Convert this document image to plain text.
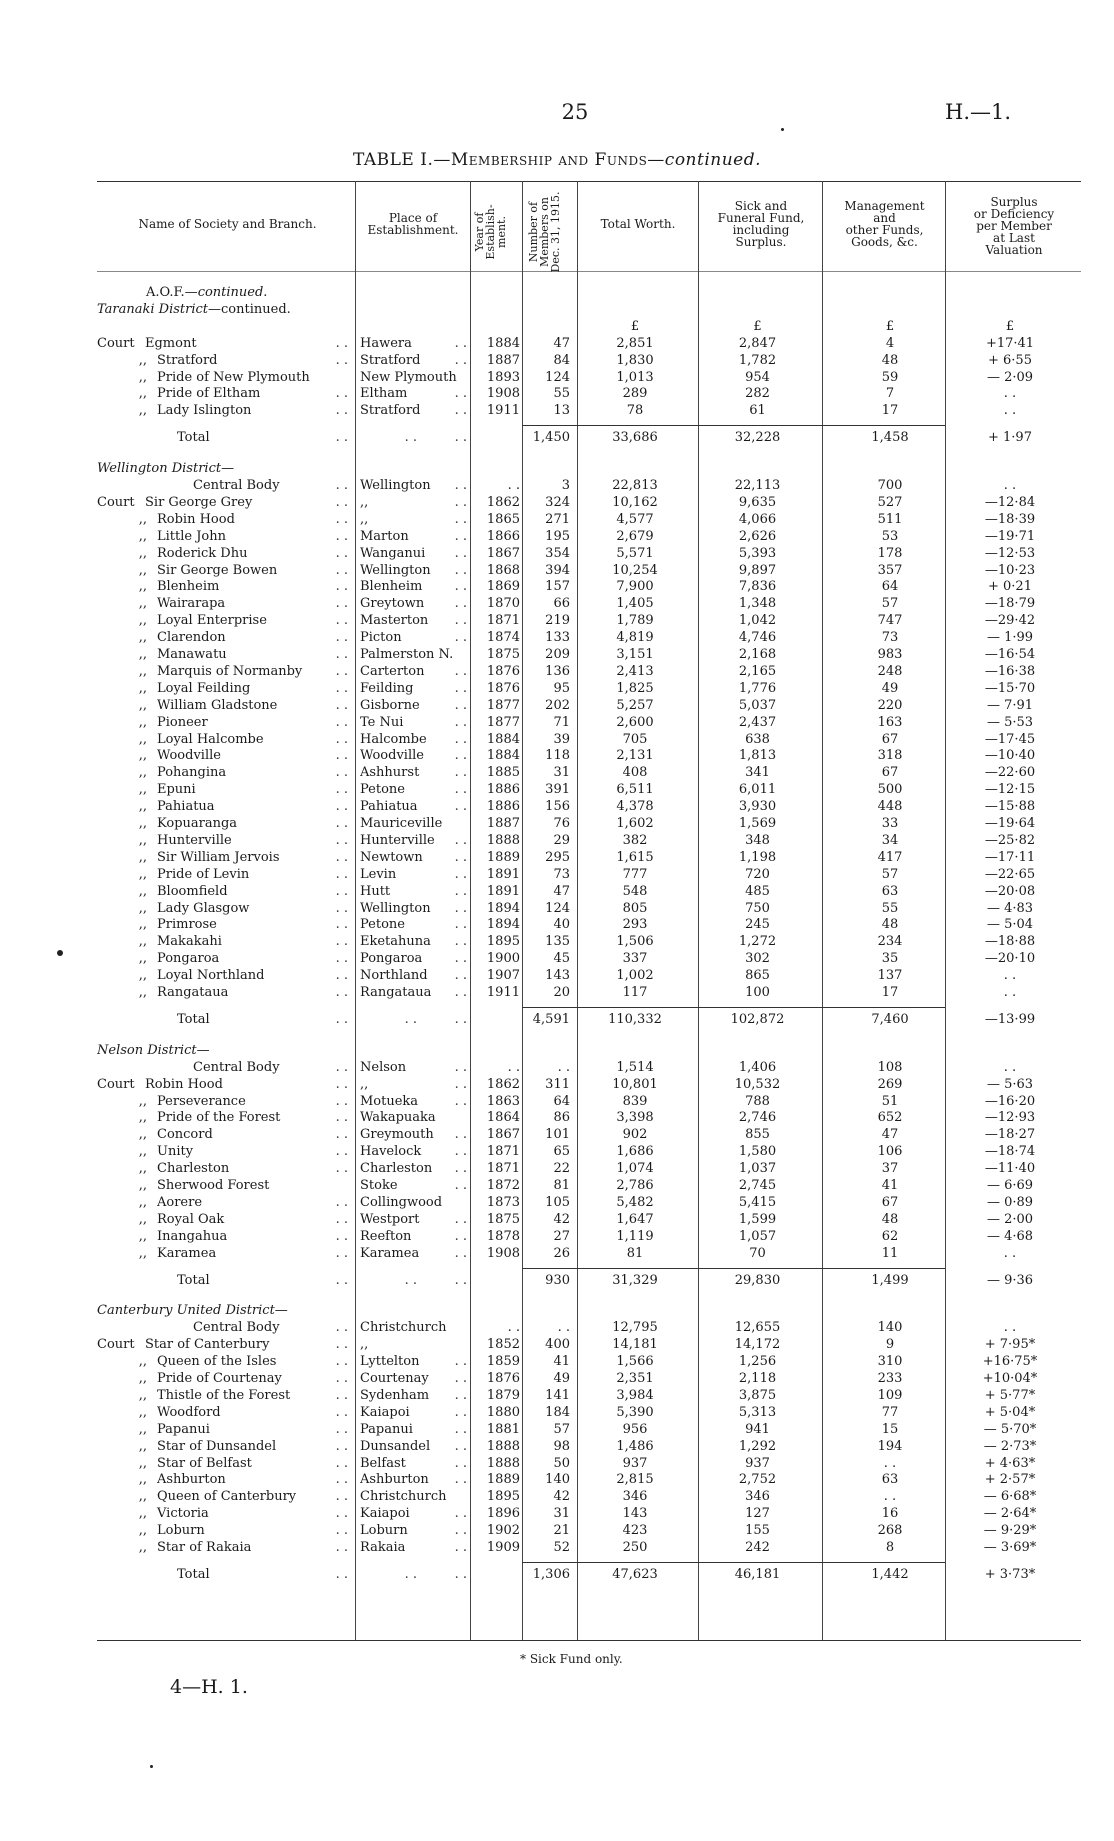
25	H.—1.
TABLE I.—Membership and Funds—continued.
Name of Society and Branch.	Place of
Establishment.	Year of
Establish-
ment. Number of
Members on
Dec. 31, 1915.	Total Worth.
Sick and
Funeral Fund,
including
Surplus.
Management
and
other Funds,
Goods, &c.
Surplus
or Deficiency
per Member
at Last
Valuation
A.O.F.—continued.
Taranaki District—continued.
£	£	£	£
Court Egmont	. . Hawera	. .	1884	47	2,851	2,847	4	+17·41
,, Stratford	. . Stratford	. .	1887	84	1,830	1,782	48	+ 6·55
,, Pride of New Plymouth	New Plymouth	1893	124	1,013	954	59	— 2·09
,, Pride of Eltham	. . Eltham	. .	1908	55	289	282	7	. .
,, Lady Islington	. . Stratford	. .	1911	13	78	61	17	. .
Total	. .	. .	. .	1,450	33,686	32,228	1,458	+ 1·97
Wellington District—
Central Body	. . Wellington	. .	. .	3	22,813	22,113	700	. .
Court Sir George Grey	. . ,,	. .	1862	324	10,162	9,635	527	—12·84
,, Robin Hood	. . ,,	. .	1865	271	4,577	4,066	511	—18·39
,, Little John	. . Marton	. .	1866	195	2,679	2,626	53	—19·71
,, Roderick Dhu	. . Wanganui	. .	1867	354	5,571	5,393	178	—12·53
,, Sir George Bowen	. . Wellington	. .	1868	394	10,254	9,897	357	—10·23
,, Blenheim	. . Blenheim	. .	1869	157	7,900	7,836	64	+ 0·21
,, Wairarapa	. . Greytown	. .	1870	66	1,405	1,348	57	—18·79
,, Loyal Enterprise	. . Masterton	. .	1871	219	1,789	1,042	747	—29·42
,, Clarendon	. . Picton	. .	1874	133	4,819	4,746	73	— 1·99
,, Manawatu	. . Palmerston N.	1875	209	3,151	2,168	983	—16·54
,, Marquis of Normanby	. . Carterton	. .	1876	136	2,413	2,165	248	—16·38
,, Loyal Feilding	. . Feilding	. .	1876	95	1,825	1,776	49	—15·70
,, William Gladstone	. . Gisborne	. .	1877	202	5,257	5,037	220	— 7·91
,, Pioneer	. . Te Nui	. .	1877	71	2,600	2,437	163	— 5·53
,, Loyal Halcombe	. . Halcombe	. .	1884	39	705	638	67	—17·45
,, Woodville	. . Woodville	. .	1884	118	2,131	1,813	318	—10·40
,, Pohangina	. . Ashhurst	. .	1885	31	408	341	67	—22·60
,, Epuni	. . Petone	. .	1886	391	6,511	6,011	500	—12·15
,, Pahiatua	. . Pahiatua	. .	1886	156	4,378	3,930	448	—15·88
,, Kopuaranga	. . Mauriceville	1887	76	1,602	1,569	33	—19·64
,, Hunterville	. . Hunterville	. .	1888	29	382	348	34	—25·82
,, Sir William Jervois	. . Newtown	. .	1889	295	1,615	1,198	417	—17·11
,, Pride of Levin	. . Levin	. .	1891	73	777	720	57	—22·65
,, Bloomfield	. . Hutt	. .	1891	47	548	485	63	—20·08
,, Lady Glasgow	. . Wellington	. .	1894	124	805	750	55	— 4·83
,, Primrose	. . Petone	. .	1894	40	293	245	48	— 5·04
,, Makakahi	. . Eketahuna	. .	1895	135	1,506	1,272	234	—18·88
,, Pongaroa	. . Pongaroa	. .	1900	45	337	302	35	—20·10
,, Loyal Northland	. . Northland	. .	1907	143	1,002	865	137	. .
,, Rangataua	. . Rangataua	. .	1911	20	117	100	17	. .
Total	. .	. .	. .	4,591	110,332	102,872	7,460	—13·99
Nelson District—
Central Body	. . Nelson	. .	. .	. .	1,514	1,406	108	. .
Court Robin Hood	. . ,,	. .	1862	311	10,801	10,532	269	— 5·63
,, Perseverance	. . Motueka	. .	1863	64	839	788	51	—16·20
,, Pride of the Forest	. . Wakapuaka	1864	86	3,398	2,746	652	—12·93
,, Concord	. . Greymouth	. .	1867	101	902	855	47	—18·27
,, Unity	. . Havelock	. .	1871	65	1,686	1,580	106	—18·74
,, Charleston	. . Charleston	. .	1871	22	1,074	1,037	37	—11·40
,, Sherwood Forest	Stoke	. .	1872	81	2,786	2,745	41	— 6·69
,, Aorere	. . Collingwood	1873	105	5,482	5,415	67	— 0·89
,, Royal Oak	. . Westport	. .	1875	42	1,647	1,599	48	— 2·00
,, Inangahua	. . Reefton	. .	1878	27	1,119	1,057	62	— 4·68
,, Karamea	. . Karamea	. .	1908	26	81	70	11	. .
Total	. .	. .	. .	930	31,329	29,830	1,499	— 9·36
Canterbury United District—
Central Body	. . Christchurch	. .	. .	12,795	12,655	140	. .
Court Star of Canterbury	. . ,,	1852	400	14,181	14,172	9	+ 7·95*
,, Queen of the Isles	. . Lyttelton	. .	1859	41	1,566	1,256	310	+16·75*
,, Pride of Courtenay	. . Courtenay	. .	1876	49	2,351	2,118	233	+10·04*
,, Thistle of the Forest	. . Sydenham	. .	1879	141	3,984	3,875	109	+ 5·77*
,, Woodford	. . Kaiapoi	. .	1880	184	5,390	5,313	77	+ 5·04*
,, Papanui	. . Papanui	. .	1881	57	956	941	15	— 5·70*
,, Star of Dunsandel	. . Dunsandel	. .	1888	98	1,486	1,292	194	— 2·73*
,, Star of Belfast	. . Belfast	. .	1888	50	937	937	. .	+ 4·63*
,, Ashburton	. . Ashburton	. .	1889	140	2,815	2,752	63	+ 2·57*
,, Queen of Canterbury	. . Christchurch	1895	42	346	346	. .	— 6·68*
,, Victoria	. . Kaiapoi	. .	1896	31	143	127	16	— 2·64*
,, Loburn	. . Loburn	. .	1902	21	423	155	268	— 9·29*
,, Star of Rakaia	. . Rakaia	. .	1909	52	250	242	8	— 3·69*
Total	. .	. .	. .	1,306	47,623	46,181	1,442	+ 3·73*
* Sick Fund only.
4—H. 1.
